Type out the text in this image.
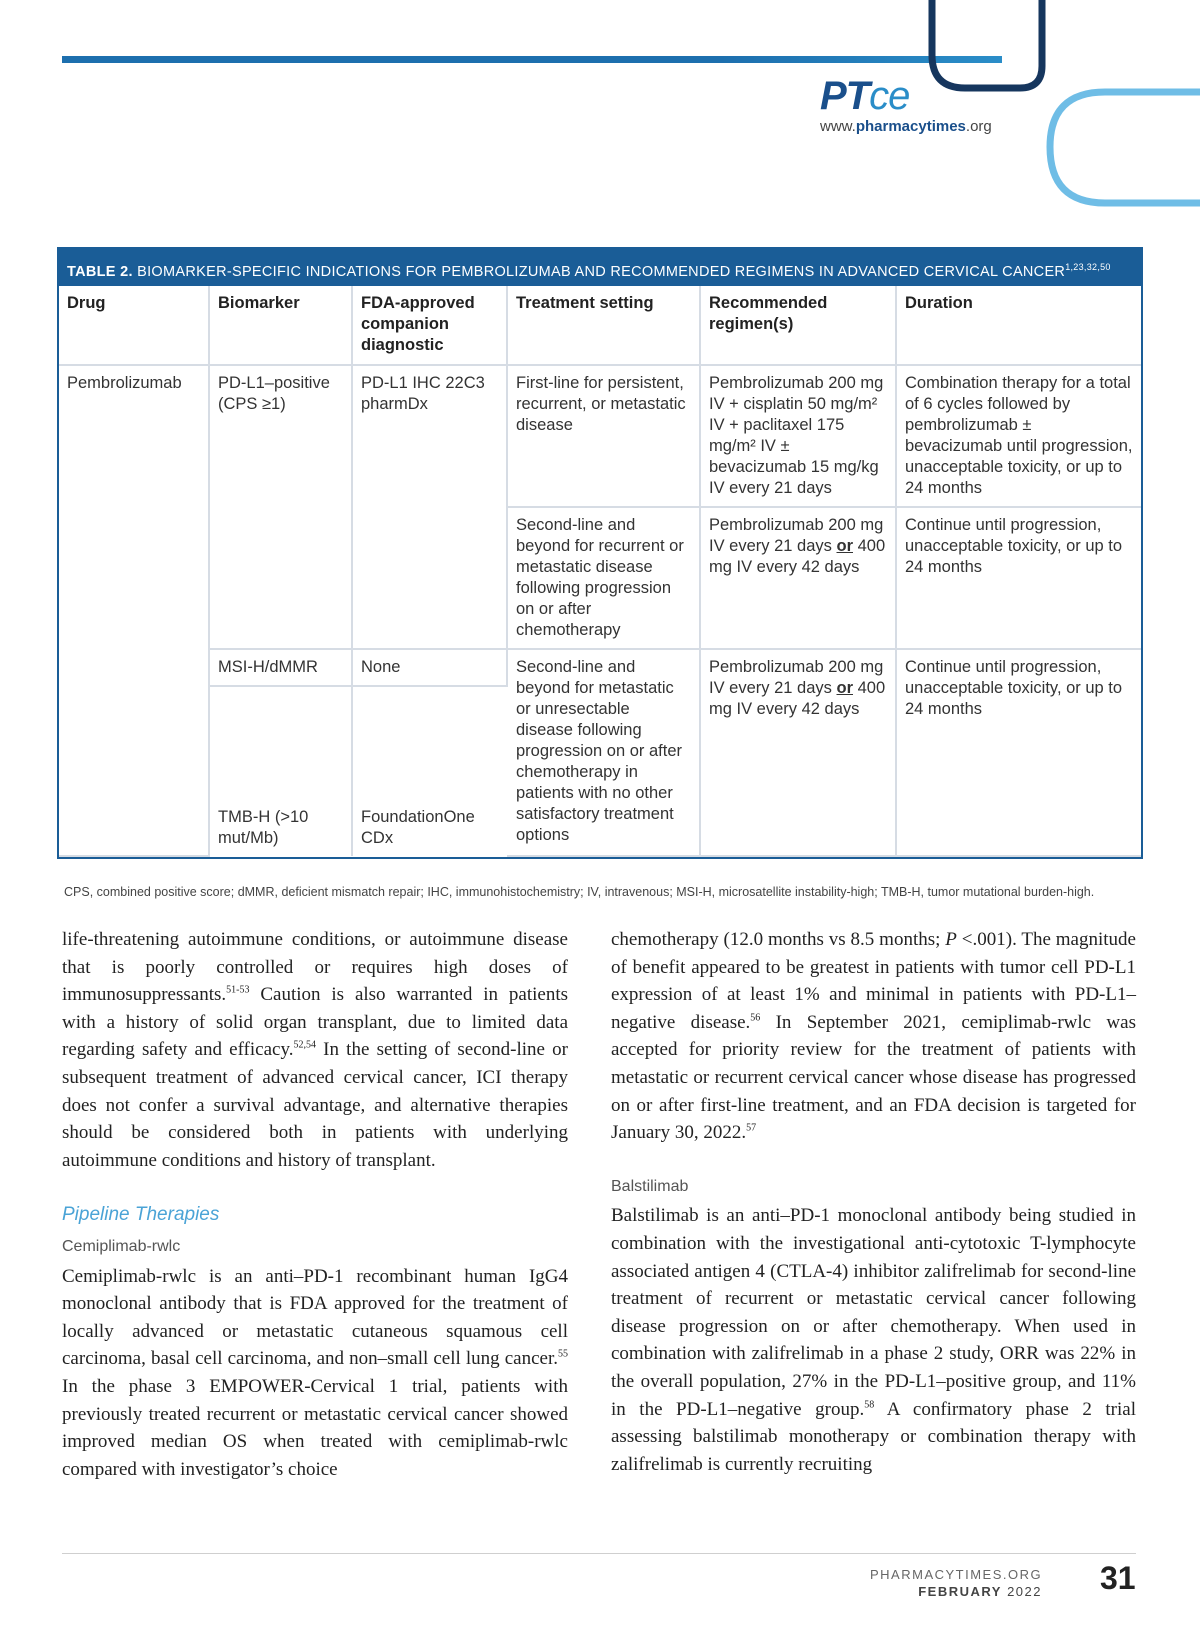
PTce
www.pharmacytimes.org
TABLE 2. BIOMARKER-SPECIFIC INDICATIONS FOR PEMBROLIZUMAB AND RECOMMENDED REGIMENS IN ADVANCED CERVICAL CANCER$^{1,23,32,50}$
Drug	Biomarker	FDA-approved companion diagnostic	Treatment setting	Recommended regimen(s)	Duration
Pembrolizumab	PD-L1–positive (CPS ≥1)	PD-L1 IHC 22C3 pharmDx	First-line for persistent, recurrent, or metastatic disease	Pembrolizumab 200 mg IV + cisplatin 50 mg/m² IV + paclitaxel 175 mg/m² IV ± bevacizumab 15 mg/kg IV every 21 days	Combination therapy for a total of 6 cycles followed by pembrolizumab ± bevacizumab until progression, unacceptable toxicity, or up to 24 months
			Second-line and beyond for recurrent or metastatic disease following progression on or after chemotherapy	Pembrolizumab 200 mg IV every 21 days or 400 mg IV every 42 days	Continue until progression, unacceptable toxicity, or up to 24 months
	MSI-H/dMMR	None	Second-line and beyond for metastatic or unresectable disease following progression on or after chemotherapy in patients with no other satisfactory treatment options	Pembrolizumab 200 mg IV every 21 days or 400 mg IV every 42 days	Continue until progression, unacceptable toxicity, or up to 24 months
	TMB-H (>10 mut/Mb)	FoundationOne CDx			
CPS, combined positive score; dMMR, deficient mismatch repair; IHC, immunohistochemistry; IV, intravenous; MSI-H, microsatellite instability-high; TMB-H, tumor mutational burden-high.

life-threatening autoimmune conditions, or autoimmune disease that is poorly controlled or requires high doses of immunosuppressants.$^{51-53}$ Caution is also warranted in patients with a history of solid organ transplant, due to limited data regarding safety and efficacy.$^{52,54}$ In the setting of second-line or subsequent treatment of advanced cervical cancer, ICI therapy does not confer a survival advantage, and alternative therapies should be considered both in patients with underlying autoimmune conditions and history of transplant.

Pipeline Therapies
Cemiplimab-rwlc

Cemiplimab-rwlc is an anti–PD-1 recombinant human IgG4 monoclonal antibody that is FDA approved for the treatment of locally advanced or metastatic cutaneous squamous cell carcinoma, basal cell carcinoma, and non–small cell lung cancer.$^{55}$ In the phase 3 EMPOWER-Cervical 1 trial, patients with previously treated recurrent or metastatic cervical cancer showed improved median OS when treated with cemiplimab-rwlc compared with investigator’s choice

chemotherapy (12.0 months vs 8.5 months; P <.001). The magnitude of benefit appeared to be greatest in patients with tumor cell PD-L1 expression of at least 1% and minimal in patients with PD-L1–negative disease.$^{56}$ In September 2021, cemiplimab-rwlc was accepted for priority review for the treatment of patients with metastatic or recurrent cervical cancer whose disease has progressed on or after first-line treatment, and an FDA decision is targeted for January 30, 2022.57

Balstilimab

Balstilimab is an anti–PD-1 monoclonal antibody being studied in combination with the investigational anti-cytotoxic T-lymphocyte associated antigen 4 (CTLA-4) inhibitor zalifrelimab for second-line treatment of recurrent or metastatic cervical cancer following disease progression on or after chemotherapy. When used in combination with zalifrelimab in a phase 2 study, ORR was 22% in the overall population, 27% in the PD-L1–positive group, and 11% in the PD-L1–negative group.$^{58}$ A confirmatory phase 2 trial assessing balstilimab monotherapy or combination therapy with zalifrelimab is currently recruiting

PHARMACYTIMES.ORG
FEBRUARY 2022 31
